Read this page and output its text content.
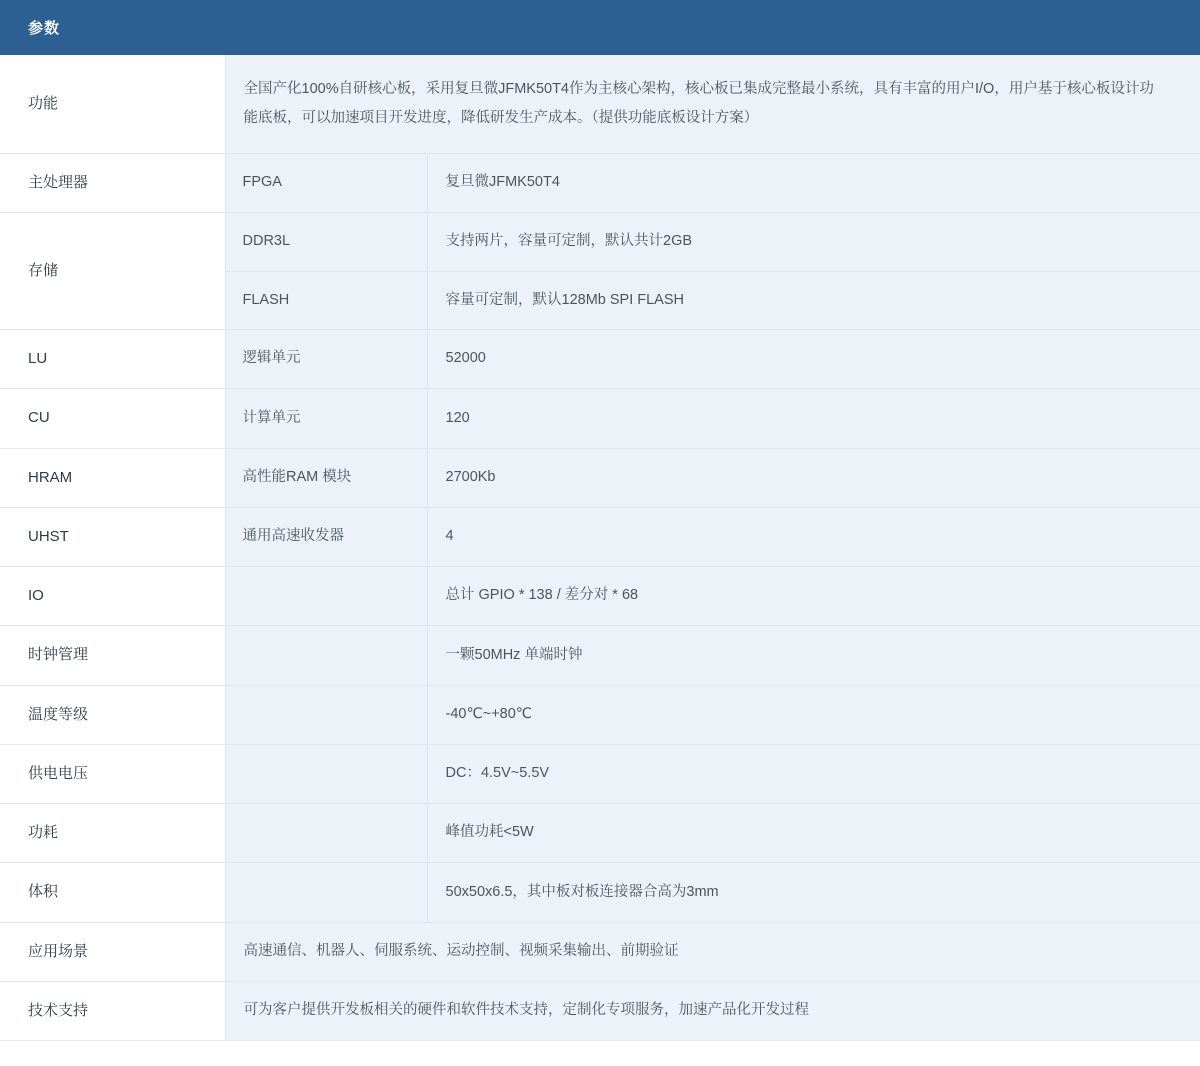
参数		
功能	全国产化100%自研核心板，采用复旦微JFMK50T4作为主核心架构，核心板已集成完整最小系统，具有丰富的用户I/O，用户基于核心板设计功能底板，可以加速项目开发进度，降低研发生产成本。（提供功能底板设计方案）	
主处理器	FPGA	复旦微JFMK50T4
存储	DDR3L	支持两片，容量可定制，默认共计2GB
	FLASH	容量可定制，默认128Mb SPI FLASH
LU	逻辑单元	52000
CU	计算单元	120
HRAM	高性能RAM 模块	2700Kb
UHST	通用高速收发器	4
IO		总计 GPIO * 138 / 差分对 * 68
时钟管理		一颗50MHz 单端时钟
温度等级		-40℃~+80℃
供电电压		DC：4.5V~5.5V
功耗		峰值功耗<5W
体积		50x50x6.5，其中板对板连接器合高为3mm
应用场景	高速通信、机器人、伺服系统、运动控制、视频采集输出、前期验证	
技术支持	可为客户提供开发板相关的硬件和软件技术支持，定制化专项服务，加速产品化开发过程	
